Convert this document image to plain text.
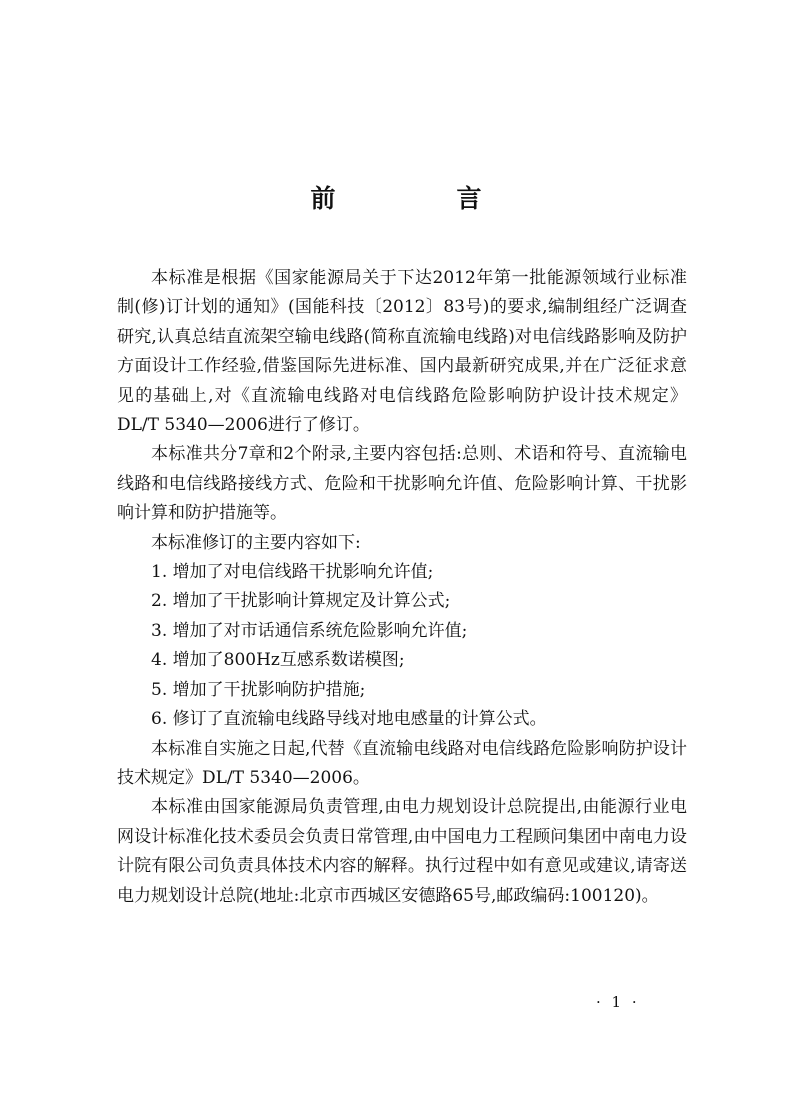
前　言

本标准是根据《国家能源局关于下达2012年第一批能源领域行业标准制(修)订计划的通知》(国能科技〔2012〕83号)的要求,编制组经广泛调查研究,认真总结直流架空输电线路(简称直流输电线路)对电信线路影响及防护方面设计工作经验,借鉴国际先进标准、国内最新研究成果,并在广泛征求意见的基础上,对《直流输电线路对电信线路危险影响防护设计技术规定》DL/T 5340—2006进行了修订。

本标准共分7章和2个附录,主要内容包括:总则、术语和符号、直流输电线路和电信线路接线方式、危险和干扰影响允许值、危险影响计算、干扰影响计算和防护措施等。

本标准修订的主要内容如下:

1. 增加了对电信线路干扰影响允许值;

2. 增加了干扰影响计算规定及计算公式;

3. 增加了对市话通信系统危险影响允许值;

4. 增加了800Hz互感系数诺模图;

5. 增加了干扰影响防护措施;

6. 修订了直流输电线路导线对地电感量的计算公式。

本标准自实施之日起,代替《直流输电线路对电信线路危险影响防护设计技术规定》DL/T 5340—2006。

本标准由国家能源局负责管理,由电力规划设计总院提出,由能源行业电网设计标准化技术委员会负责日常管理,由中国电力工程顾问集团中南电力设计院有限公司负责具体技术内容的解释。执行过程中如有意见或建议,请寄送电力规划设计总院(地址:北京市西城区安德路65号,邮政编码:100120)。

· 1 ·
